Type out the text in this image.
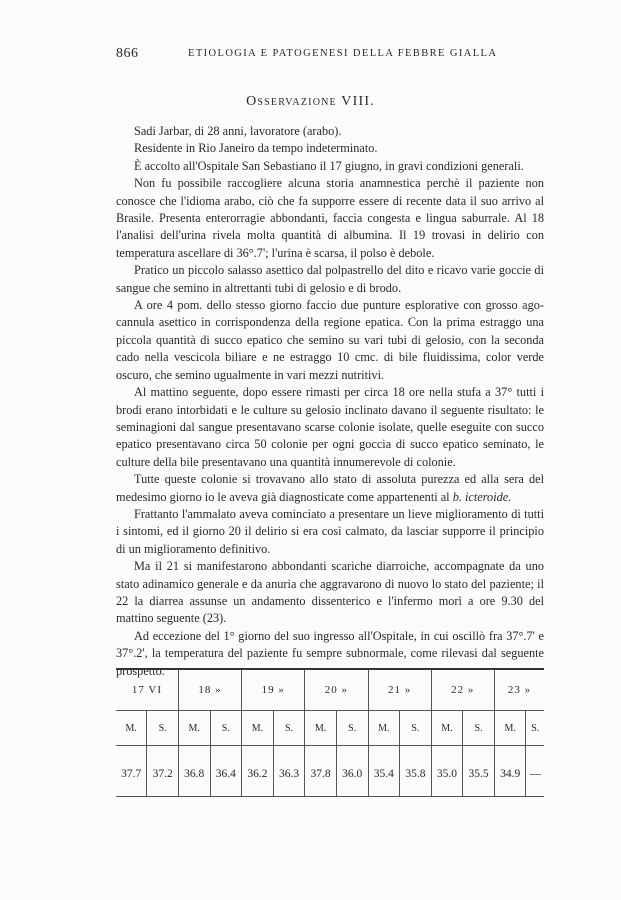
866	ETIOLOGIA E PATOGENESI DELLA FEBBRE GIALLA
Osservazione VIII.

Sadi Jarbar, di 28 anni, lavoratore (arabo).

Residente in Rio Janeiro da tempo indeterminato.

È accolto all'Ospitale San Sebastiano il 17 giugno, in gravi condizioni generali.

Non fu possibile raccogliere alcuna storia anamnestica perchè il paziente non conosce che l'idioma arabo, ciò che fa supporre essere di recente data il suo arrivo al Brasile. Presenta enterorragie abbondanti, faccia congesta e lingua saburrale. Al 18 l'analisi dell'urina rivela molta quantità di albumina. Il 19 trovasi in delirio con temperatura ascellare di 36°.7'; l'urina è scarsa, il polso è debole.

Pratico un piccolo salasso asettico dal polpastrello del dito e ricavo varie goccie di sangue che semino in altrettanti tubi di gelosio e di brodo.

A ore 4 pom. dello stesso giorno faccio due punture esplorative con grosso ago-cannula asettico in corrispondenza della regione epatica. Con la prima estraggo una piccola quantità di succo epatico che semino su vari tubi di gelosio, con la seconda cado nella vescicola biliare e ne estraggo 10 cmc. di bile fluidissima, color verde oscuro, che semino ugualmente in vari mezzi nutritivi.

Al mattino seguente, dopo essere rimasti per circa 18 ore nella stufa a 37° tutti i brodi erano intorbidati e le culture su gelosio inclinato davano il seguente risultato: le seminagioni dal sangue presentavano scarse colonie isolate, quelle eseguite con succo epatico presentavano circa 50 colonie per ogni goccia di succo epatico seminato, le culture della bile presentavano una quantità innumerevole di colonie.

Tutte queste colonie si trovavano allo stato di assoluta purezza ed alla sera del medesimo giorno io le aveva già diagnosticate come appartenenti al b. icteroide.

Frattanto l'ammalato aveva cominciato a presentare un lieve miglioramento di tutti i sintomi, ed il giorno 20 il delirio si era così calmato, da lasciar supporre il principio di un miglioramento definitivo.

Ma il 21 si manifestarono abbondanti scariche diarroiche, accompagnate da uno stato adinamico generale e da anuria che aggravarono di nuovo lo stato del paziente; il 22 la diarrea assunse un andamento dissenterico e l'infermo morì a ore 9.30 del mattino seguente (23).

Ad eccezione del 1° giorno del suo ingresso all'Ospitale, in cui oscillò fra 37°.7' e 37°.2', la temperatura del paziente fu sempre subnormale, come rilevasi dal seguente prospetto.

17 VI		18 »		19 »		20 »		21 »		22 »		23 »	
M.	S.	M.	S.	M.	S.	M.	S.	M.	S.	M.	S.	M.	S.

37.7	37.2	36.8	36.4	36.2	36.3	37.8	36.0	35.4	35.8	35.0	35.5	34.9	—
